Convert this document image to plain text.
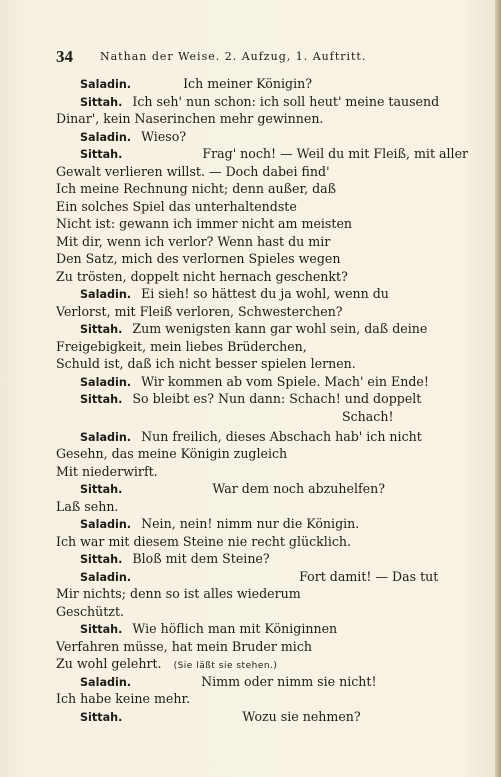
34 Nathan der Weise. 2. Aufzug, 1. Auftritt.
Saladin.	Ich meiner Königin?
Sittah. Ich seh' nun schon: ich soll heut' meine tausend
Dinar', kein Naserinchen mehr gewinnen.
Saladin. Wieso?
Sittah.	Frag' noch! — Weil du mit Fleiß, mit aller
Gewalt verlieren willst. — Doch dabei find'
Ich meine Rechnung nicht; denn außer, daß
Ein solches Spiel das unterhaltendste
Nicht ist: gewann ich immer nicht am meisten
Mit dir, wenn ich verlor? Wenn hast du mir
Den Satz, mich des verlornen Spieles wegen
Zu trösten, doppelt nicht hernach geschenkt?
Saladin. Ei sieh! so hättest du ja wohl, wenn du
Verlorst, mit Fleiß verloren, Schwesterchen?
Sittah. Zum wenigsten kann gar wohl sein, daß deine
Freigebigkeit, mein liebes Brüderchen,
Schuld ist, daß ich nicht besser spielen lernen.
Saladin. Wir kommen ab vom Spiele. Mach' ein Ende!
Sittah. So bleibt es? Nun dann: Schach! und doppelt
Schach!
Saladin. Nun freilich, dieses Abschach hab' ich nicht
Gesehn, das meine Königin zugleich
Mit niederwirft.
Sittah.	War dem noch abzuhelfen?
Laß sehn.
Saladin. Nein, nein! nimm nur die Königin.
Ich war mit diesem Steine nie recht glücklich.
Sittah. Bloß mit dem Steine?
Saladin.	Fort damit! — Das tut
Mir nichts; denn so ist alles wiederum
Geschützt.
Sittah. Wie höflich man mit Königinnen
Verfahren müsse, hat mein Bruder mich
Zu wohl gelehrt. (Sie läßt sie stehen.)
Saladin.	Nimm oder nimm sie nicht!
Ich habe keine mehr.
Sittah.	Wozu sie nehmen?
